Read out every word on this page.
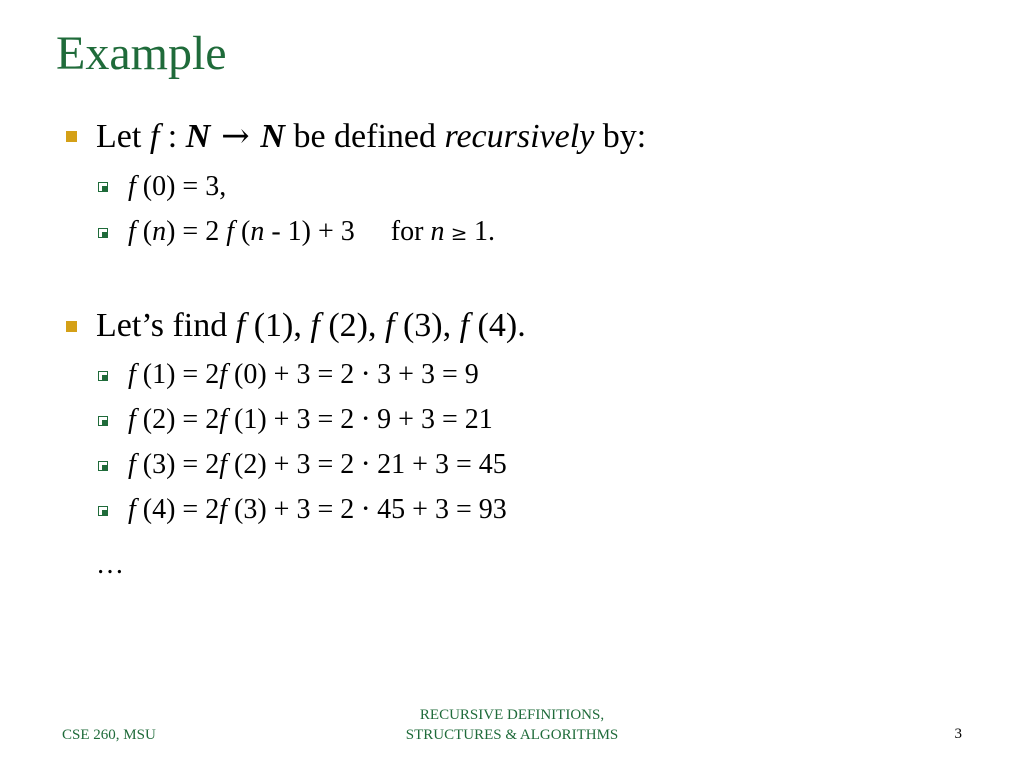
Example
Let f : N → N be defined recursively by:
f (0) = 3,
f (n) = 2 f (n - 1) + 3 for n ≥ 1.
Let’s find f (1), f (2), f (3), f (4).
f (1) = 2f (0) + 3 = 2 · 3 + 3 = 9
f (2) = 2f (1) + 3 = 2 · 9 + 3 = 21
f (3) = 2f (2) + 3 = 2 · 21 + 3 = 45
f (4) = 2f (3) + 3 = 2 · 45 + 3 = 93
…
CSE 260, MSU
RECURSIVE DEFINITIONS,
STRUCTURES & ALGORITHMS	3
